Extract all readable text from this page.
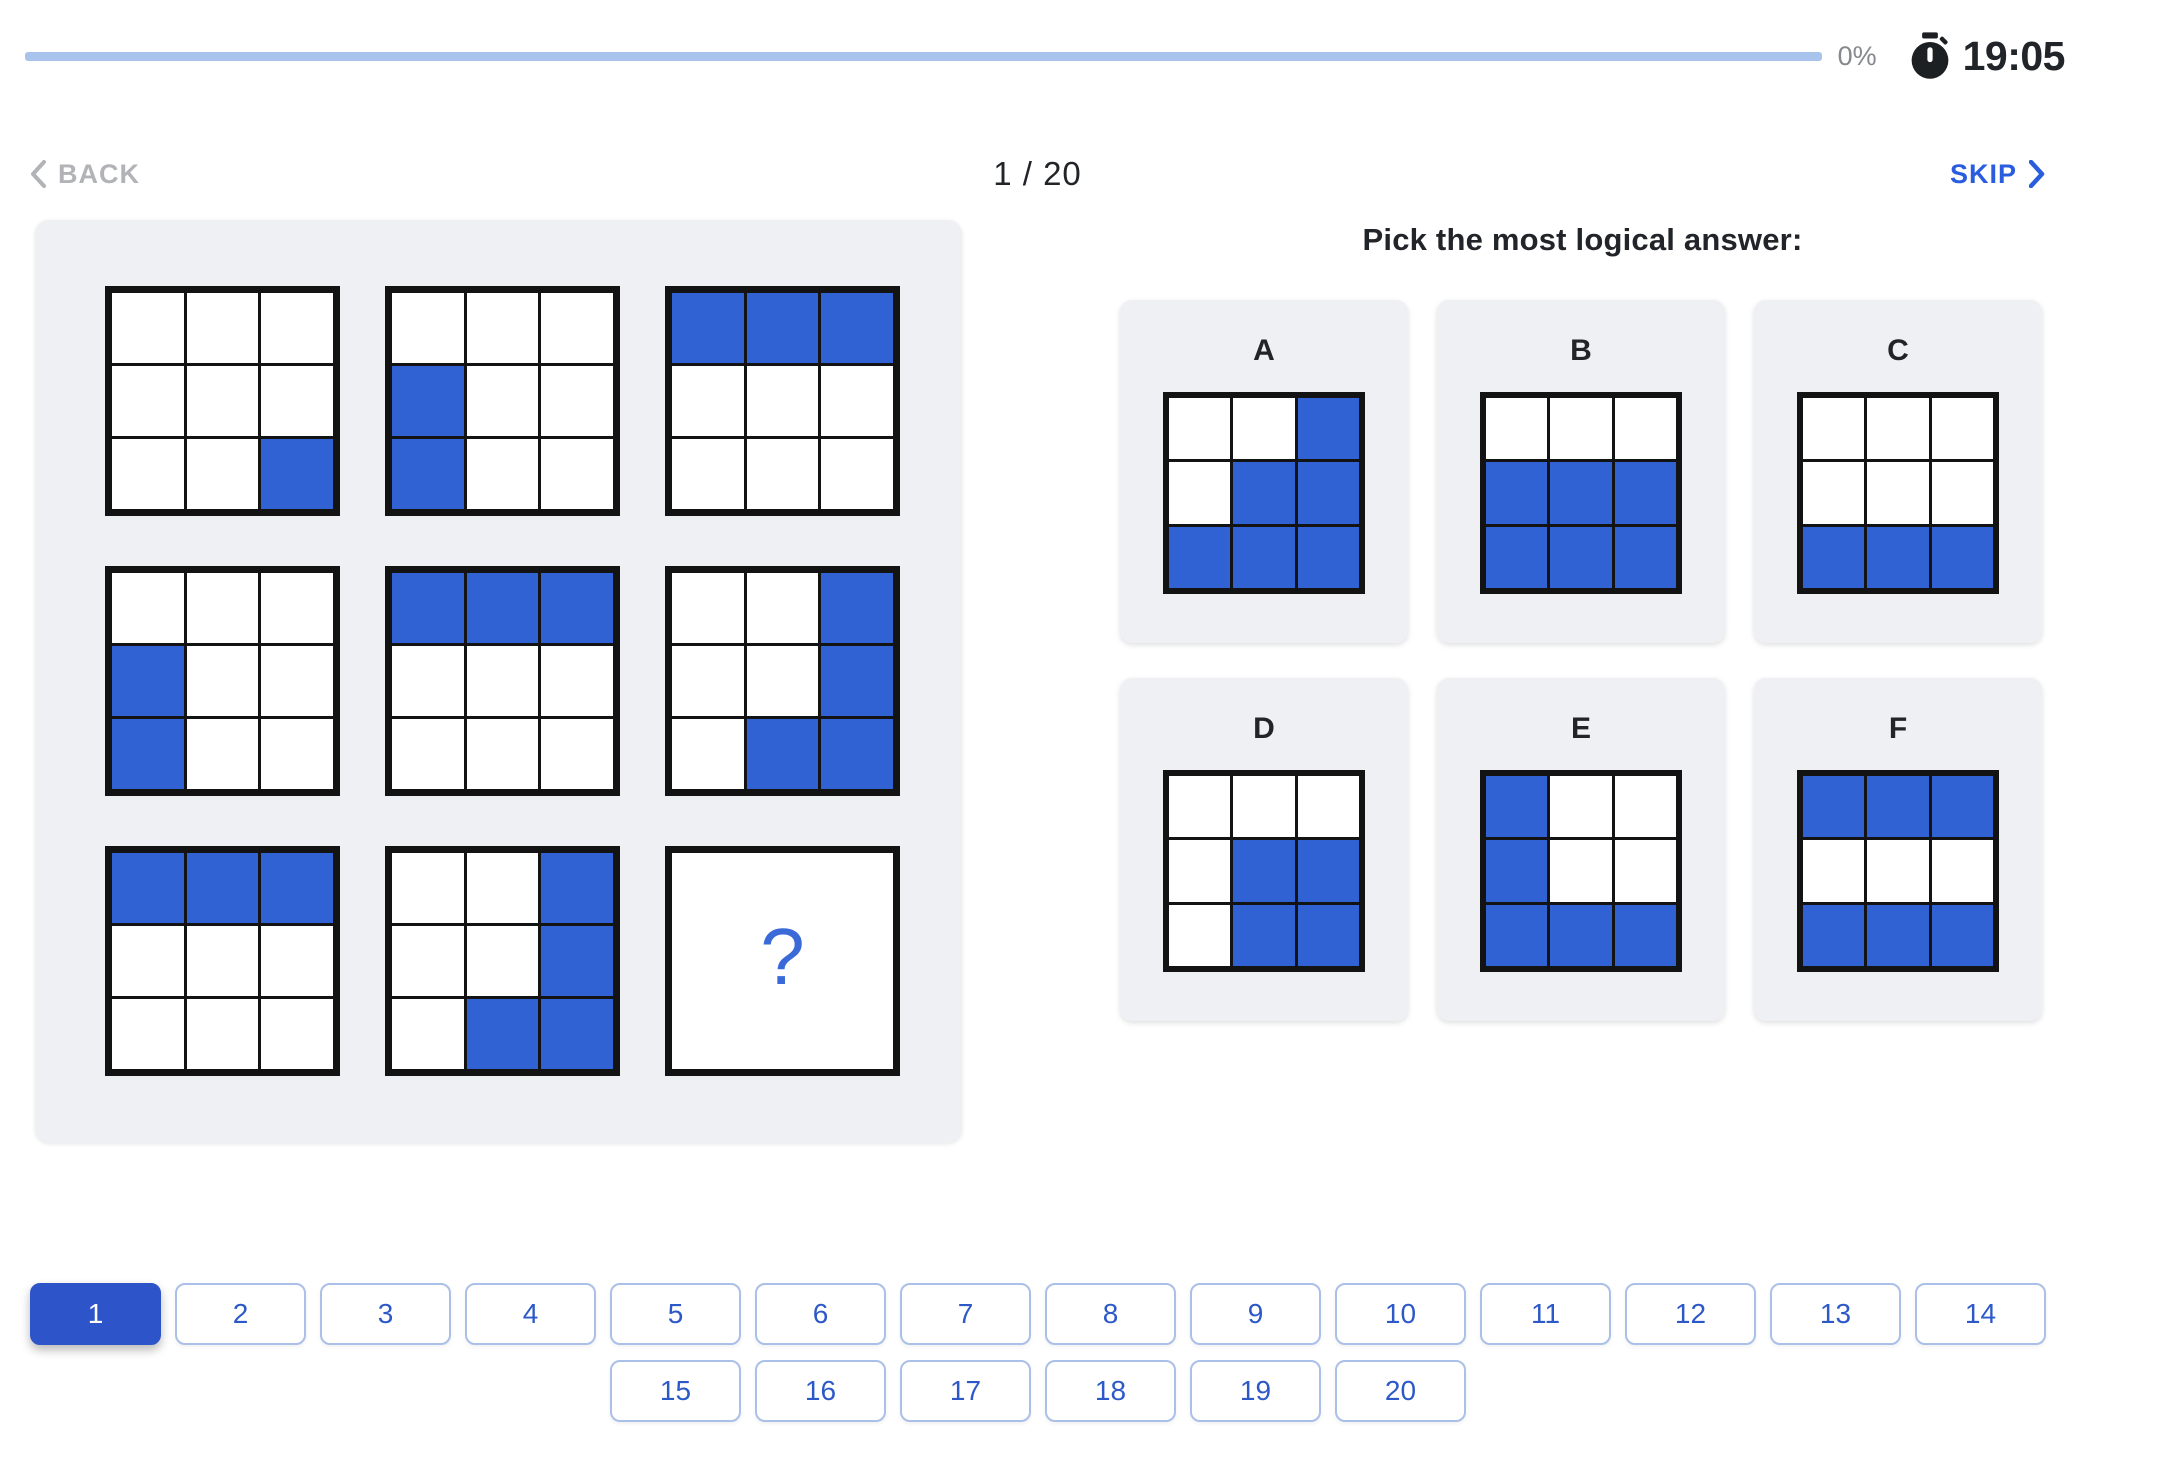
0% 19:05
BACK	1 / 20	SKIP
?
Pick the most logical answer:
A	B	C
D	E	F
1	2	3	4	5	6	7	8	9	10	11	12	13	14
15	16	17	18	19	20
